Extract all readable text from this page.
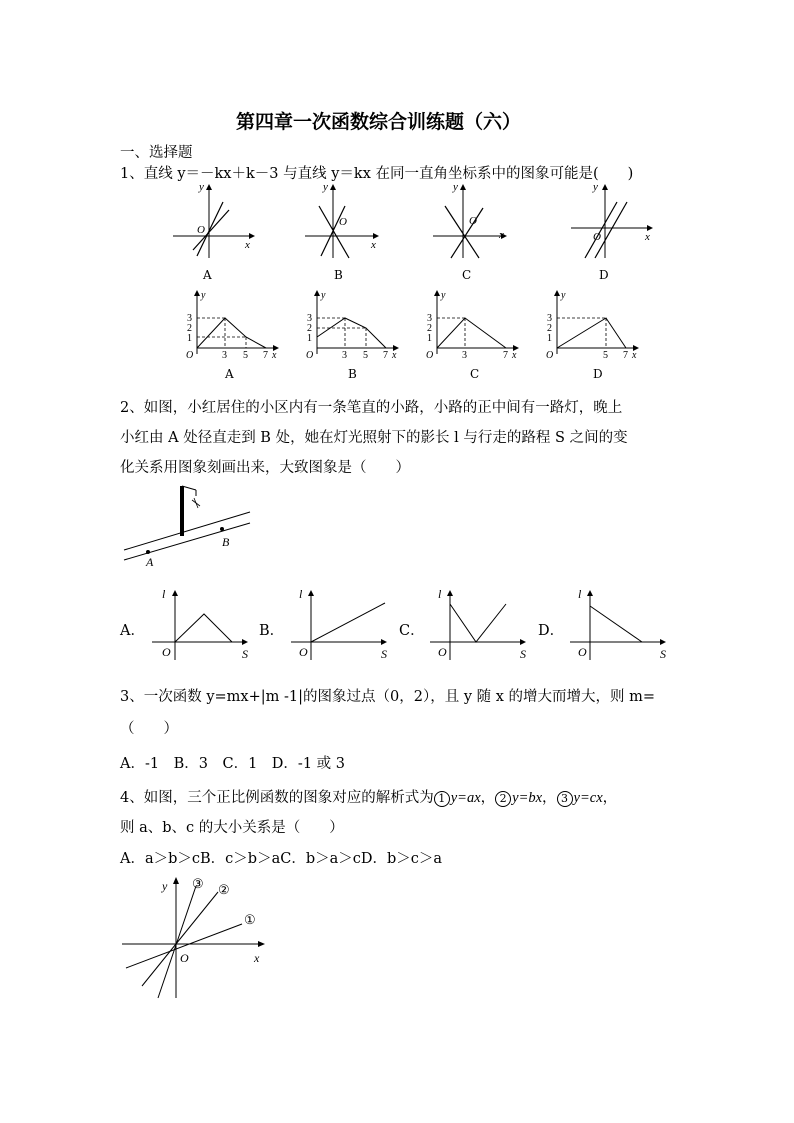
第四章一次函数综合训练题（六）
一、选择题
1、直线 y＝－kx＋k－3 与直线 y＝kx 在同一直角坐标系中的图象可能是(　　)
O
y
x
O
y
x
O
y
x	O
y
x
A	B	C	D
y
3
2
1
O	3 5 7 x
y
3
2
1
O	3 5 7 x
y
3
2
1
O	3	7 x
y
3
2
1
O	5 7 x
A	B	C	D
2、如图，小红居住的小区内有一条笔直的小路，小路的正中间有一路灯，晚上
小红由 A 处径直走到 B 处，她在灯光照射下的影长 l 与行走的路程 S 之间的变
化关系用图象刻画出来，大致图象是（　　）
A
B
A．	B．	C．	D．
l
O	S
l
O	S
l
O	S
l
O	S
3、一次函数 y=mx+|m -1|的图象过点（0，2），且 y 随 x 的增大而增大，则 m=
（　　）
A．-1　B．3　C．1　D．-1 或 3
4、如图，三个正比例函数的图象对应的解析式为 1 y=ax， 2 y=bx， 3 y=cx，
则 a、b、c 的大小关系是（　　）
A．a＞b＞cB．c＞b＞aC．b＞a＞cD．b＞c＞a
y
O	x
①
②
③
